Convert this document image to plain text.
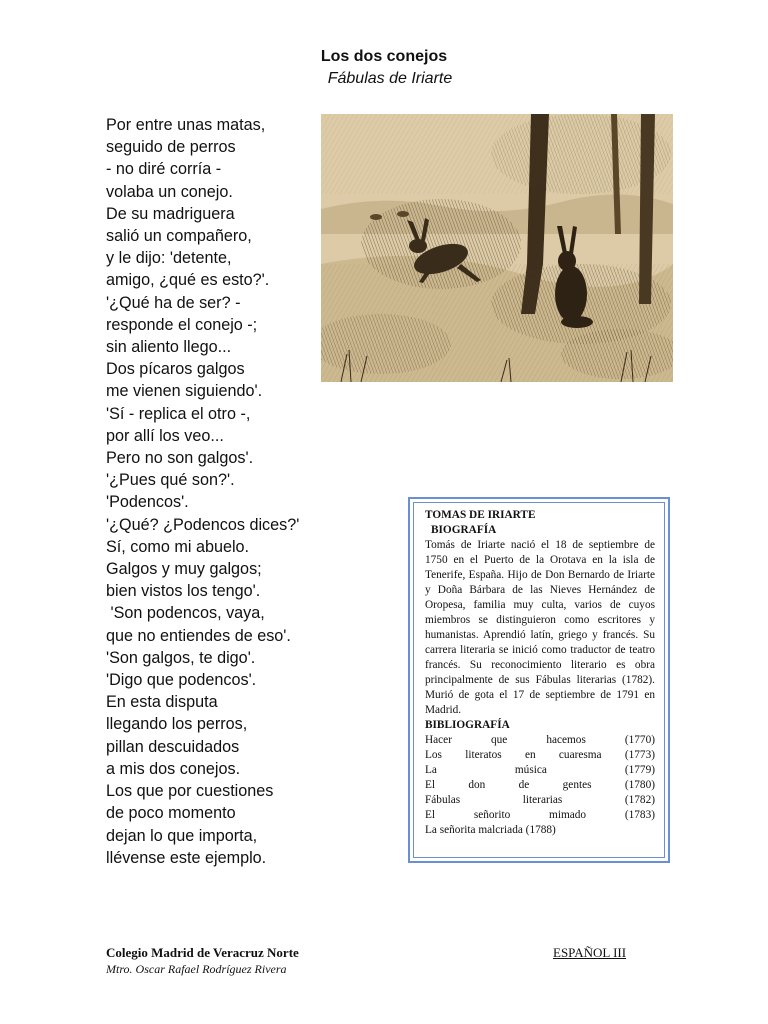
Los dos conejos
Fábulas de Iriarte
Por entre unas matas,
seguido de perros
- no diré corría -
volaba un conejo.
De su madriguera
salió un compañero,
y le dijo: 'detente,
amigo, ¿qué es esto?'.
'¿Qué ha de ser? -
responde el conejo -;
sin aliento llego...
Dos pícaros galgos
me vienen siguiendo'.
'Sí - replica el otro -,
por allí los veo...
Pero no son galgos'.
'¿Pues qué son?'.
'Podencos'.
'¿Qué? ¿Podencos dices?'
Sí, como mi abuelo.
Galgos y muy galgos;
bien vistos los tengo'.
'Son podencos, vaya,
que no entiendes de eso'.
'Son galgos, te digo'.
'Digo que podencos'.
En esta disputa
llegando los perros,
pillan descuidados
a mis dos conejos.
Los que por cuestiones
de poco momento
dejan lo que importa,
llévense este ejemplo.
TOMAS DE IRIARTE
BIOGRAFÍA
Tomás de Iriarte nació el 18 de septiembre de 1750 en el Puerto de la Orotava en la isla de Tenerife, España. Hijo de Don Bernardo de Iriarte y Doña Bárbara de las Nieves Hernández de Oropesa, familia muy culta, varios de cuyos miembros se distinguieron como escritores y humanistas. Aprendió latín, griego y francés. Su carrera literaria se inició como traductor de teatro francés. Su reconocimiento literario es obra principalmente de sus Fábulas literarias (1782). Murió de gota el 17 de septiembre de 1791 en Madrid.
BIBLIOGRAFÍA
Hacer	que	hacemos	(1770)
Los literatos en cuaresma (1773)
La	música	(1779)
El	don	de	gentes	(1780)
Fábulas	literarias	(1782)
El	señorito	mimado	(1783)
La señorita malcriada (1788)
Colegio Madrid de Veracruz Norte
Mtro. Oscar Rafael Rodríguez Rivera
ESPAÑOL III
